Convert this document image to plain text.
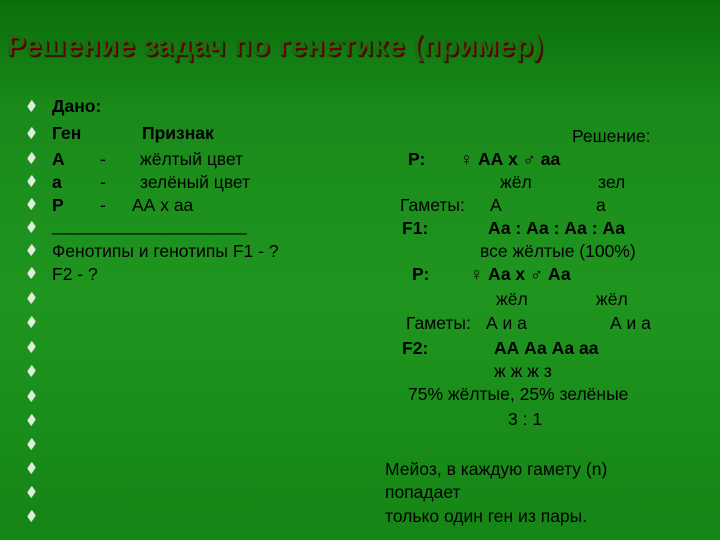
Решение задач по генетике (пример)
Дано:
Ген	Признак
А - жёлтый цвет
а - зелёный цвет
Р - АА х аа
____________________
Фенотипы и генотипы F1 - ?
F2 - ?
Решение:
Р: ♀ АА х ♂ аа
жёл	зел
Гаметы: А	а
F1:	Аа : Аа : Аа : Аа
все жёлтые (100%)
Р: ♀ Аа х ♂ Аа
жёл	жёл
Гаметы: А и а	А и а
F2:	АА Аа Аа аа
ж ж ж з
75% жёлтые, 25% зелёные
3 : 1
Мейоз, в каждую гамету (n)
попадает
только один ген из пары.
